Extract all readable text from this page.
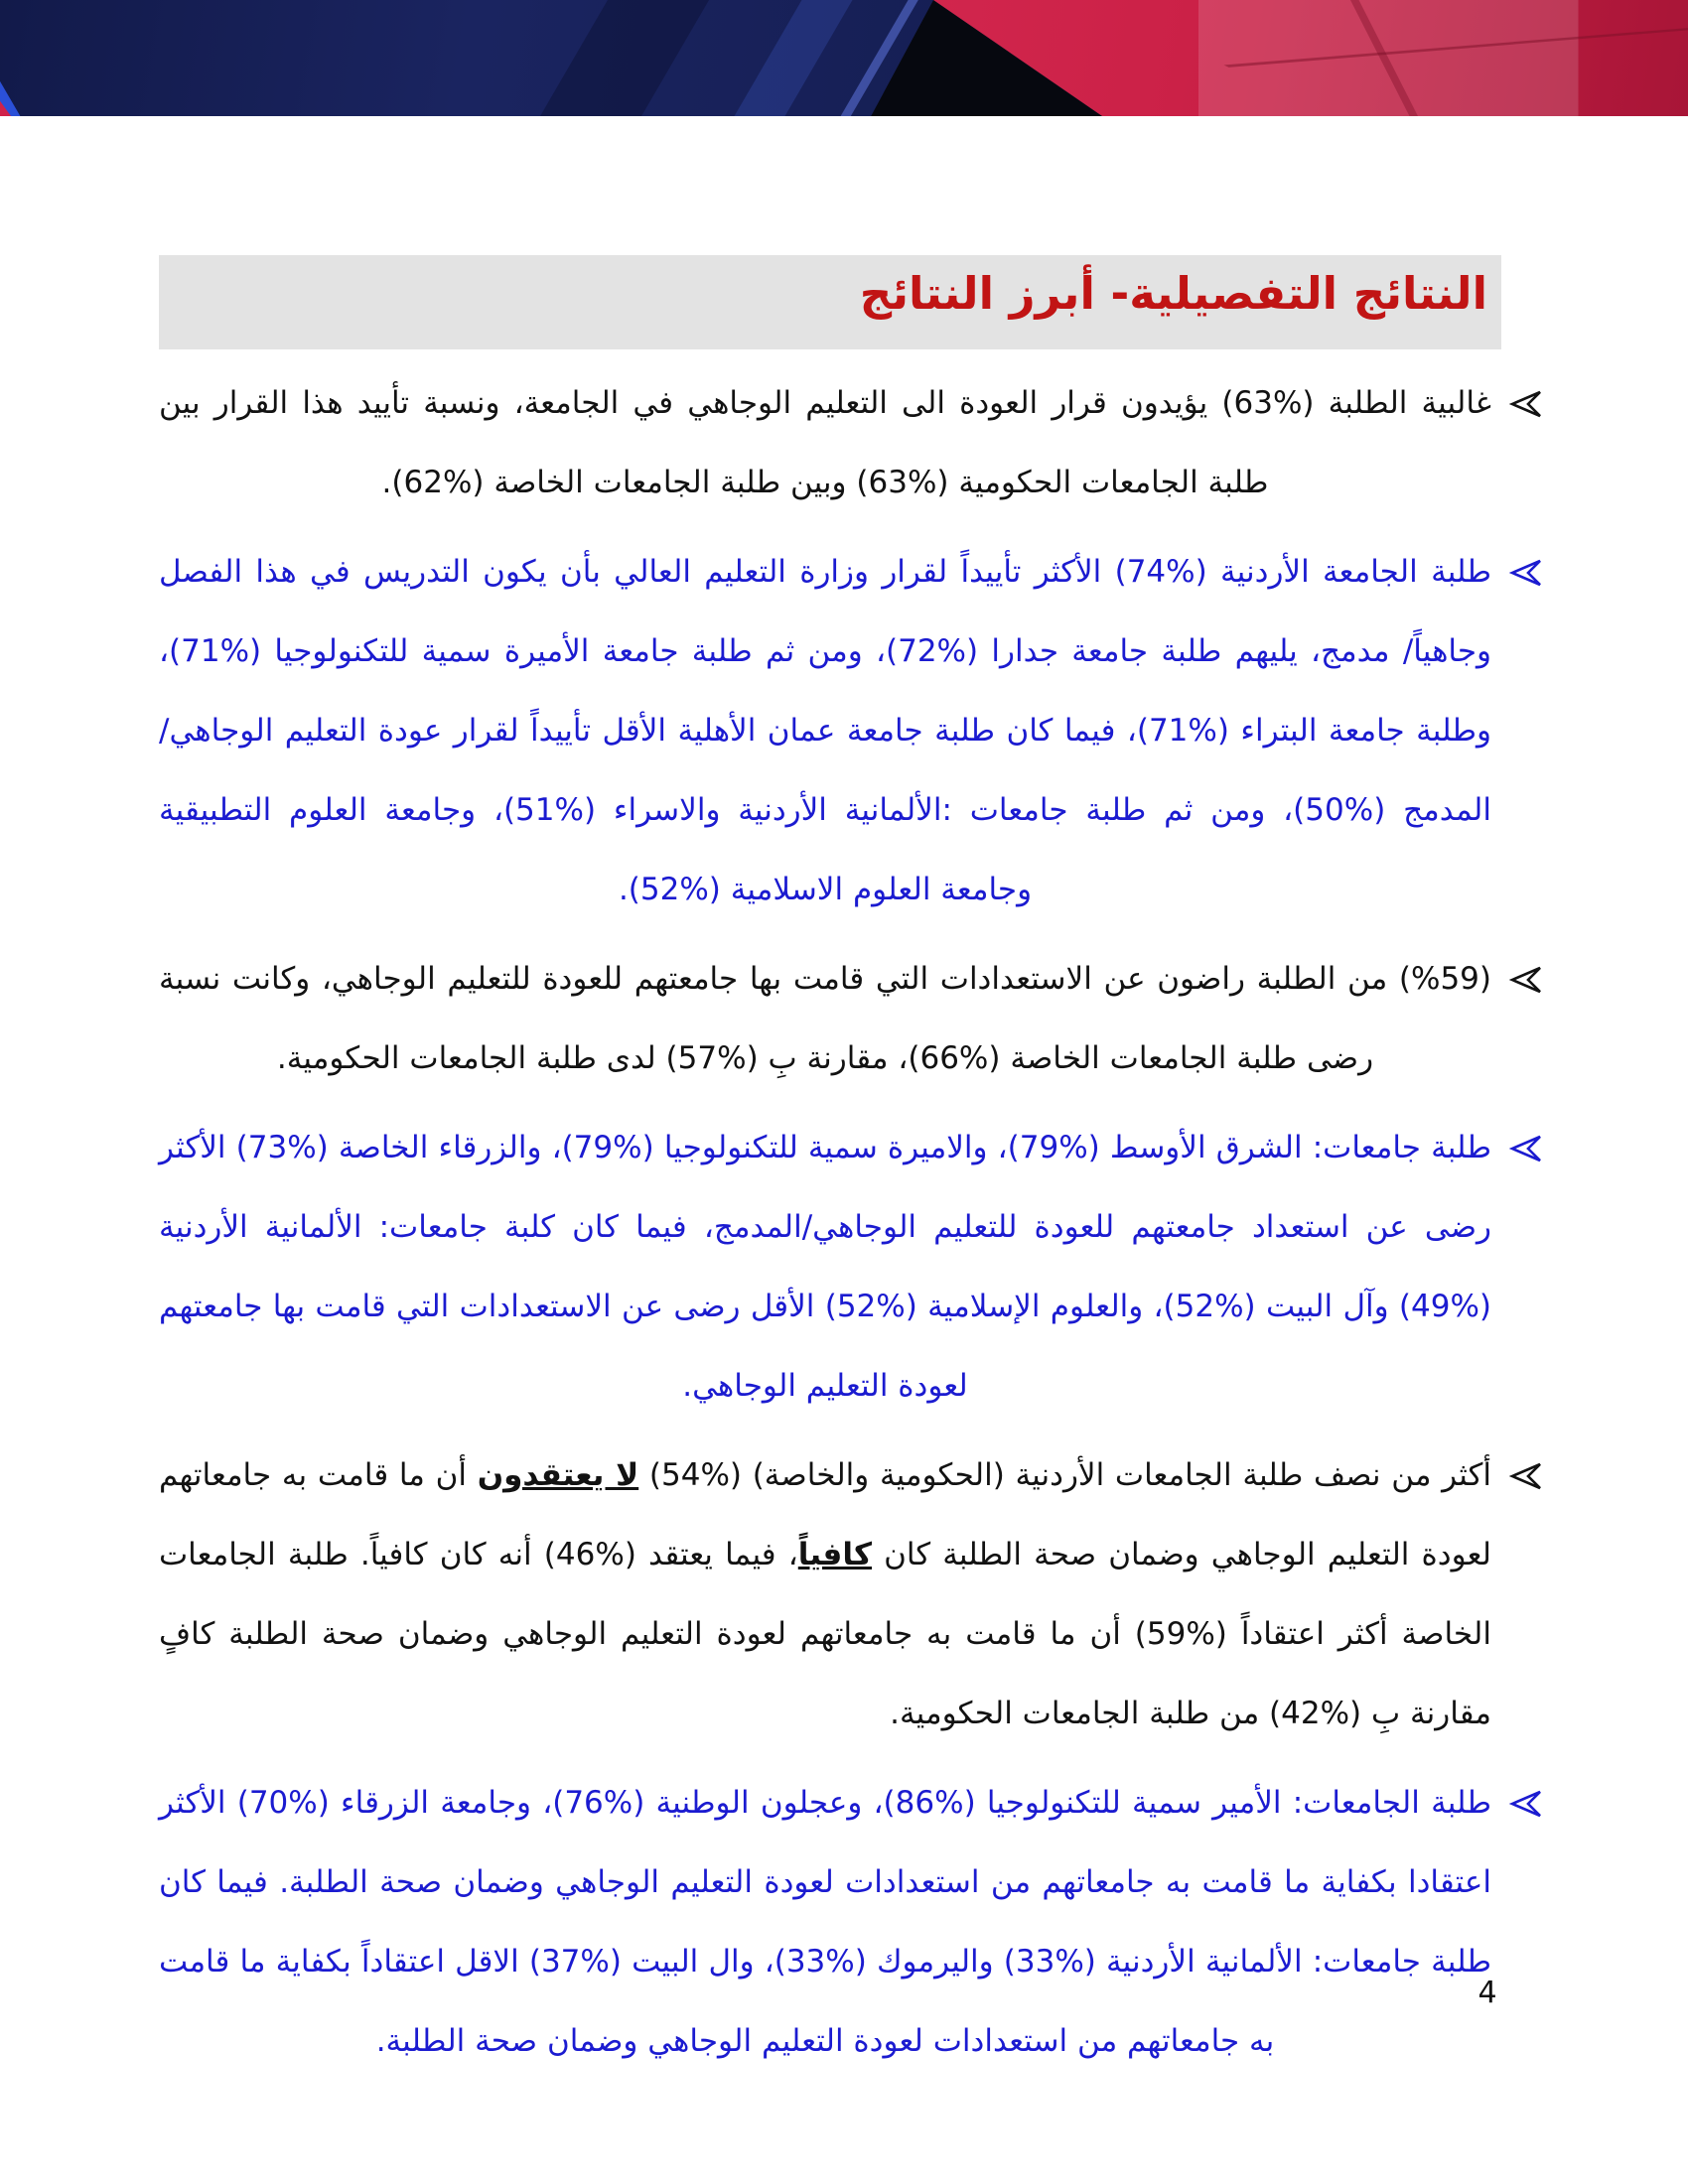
النتائج التفصيلية- أبرز النتائج

غالبية الطلبة (%63) يؤيدون قرار العودة الى التعليم الوجاهي في الجامعة، ونسبة تأييد هذا القرار بين طلبة الجامعات الحكومية (%63) وبين طلبة الجامعات الخاصة (%62).

طلبة الجامعة الأردنية (%74) الأكثر تأييداً لقرار وزارة التعليم العالي بأن يكون التدريس في هذا الفصل وجاهياً/ مدمج، يليهم طلبة جامعة جدارا (%72)، ومن ثم طلبة جامعة الأميرة سمية للتكنولوجيا (%71)، وطلبة جامعة البتراء (%71)، فيما كان طلبة جامعة عمان الأهلية الأقل تأييداً لقرار عودة التعليم الوجاهي/ المدمج (%50)، ومن ثم طلبة جامعات :الألمانية الأردنية والاسراء (%51)، وجامعة العلوم التطبيقية وجامعة العلوم الاسلامية (%52).

(%59) من الطلبة راضون عن الاستعدادات التي قامت بها جامعتهم للعودة للتعليم الوجاهي، وكانت نسبة رضى طلبة الجامعات الخاصة (%66)، مقارنة بِ (%57) لدى طلبة الجامعات الحكومية.

طلبة جامعات: الشرق الأوسط (%79)، والاميرة سمية للتكنولوجيا (%79)، والزرقاء الخاصة (%73) الأكثر رضى عن استعداد جامعتهم للعودة للتعليم الوجاهي/المدمج، فيما كان كلبة جامعات: الألمانية الأردنية (%49) وآل البيت (%52)، والعلوم الإسلامية (%52) الأقل رضى عن الاستعدادات التي قامت بها جامعتهم لعودة التعليم الوجاهي.

أكثر من نصف طلبة الجامعات الأردنية (الحكومية والخاصة) (%54) لا يعتقدون أن ما قامت به جامعاتهم لعودة التعليم الوجاهي وضمان صحة الطلبة كان كافياً، فيما يعتقد (%46) أنه كان كافياً. طلبة الجامعات الخاصة أكثر اعتقاداً (%59) أن ما قامت به جامعاتهم لعودة التعليم الوجاهي وضمان صحة الطلبة كافٍ مقارنة بِ (%42) من طلبة الجامعات الحكومية.

طلبة الجامعات: الأمير سمية للتكنولوجيا (%86)، وعجلون الوطنية (%76)، وجامعة الزرقاء (%70) الأكثر اعتقادا بكفاية ما قامت به جامعاتهم من استعدادات لعودة التعليم الوجاهي وضمان صحة الطلبة. فيما كان طلبة جامعات: الألمانية الأردنية (%33) واليرموك (%33)، وال البيت (%37) الاقل اعتقاداً بكفاية ما قامت به جامعاتهم من استعدادات لعودة التعليم الوجاهي وضمان صحة الطلبة.

4
